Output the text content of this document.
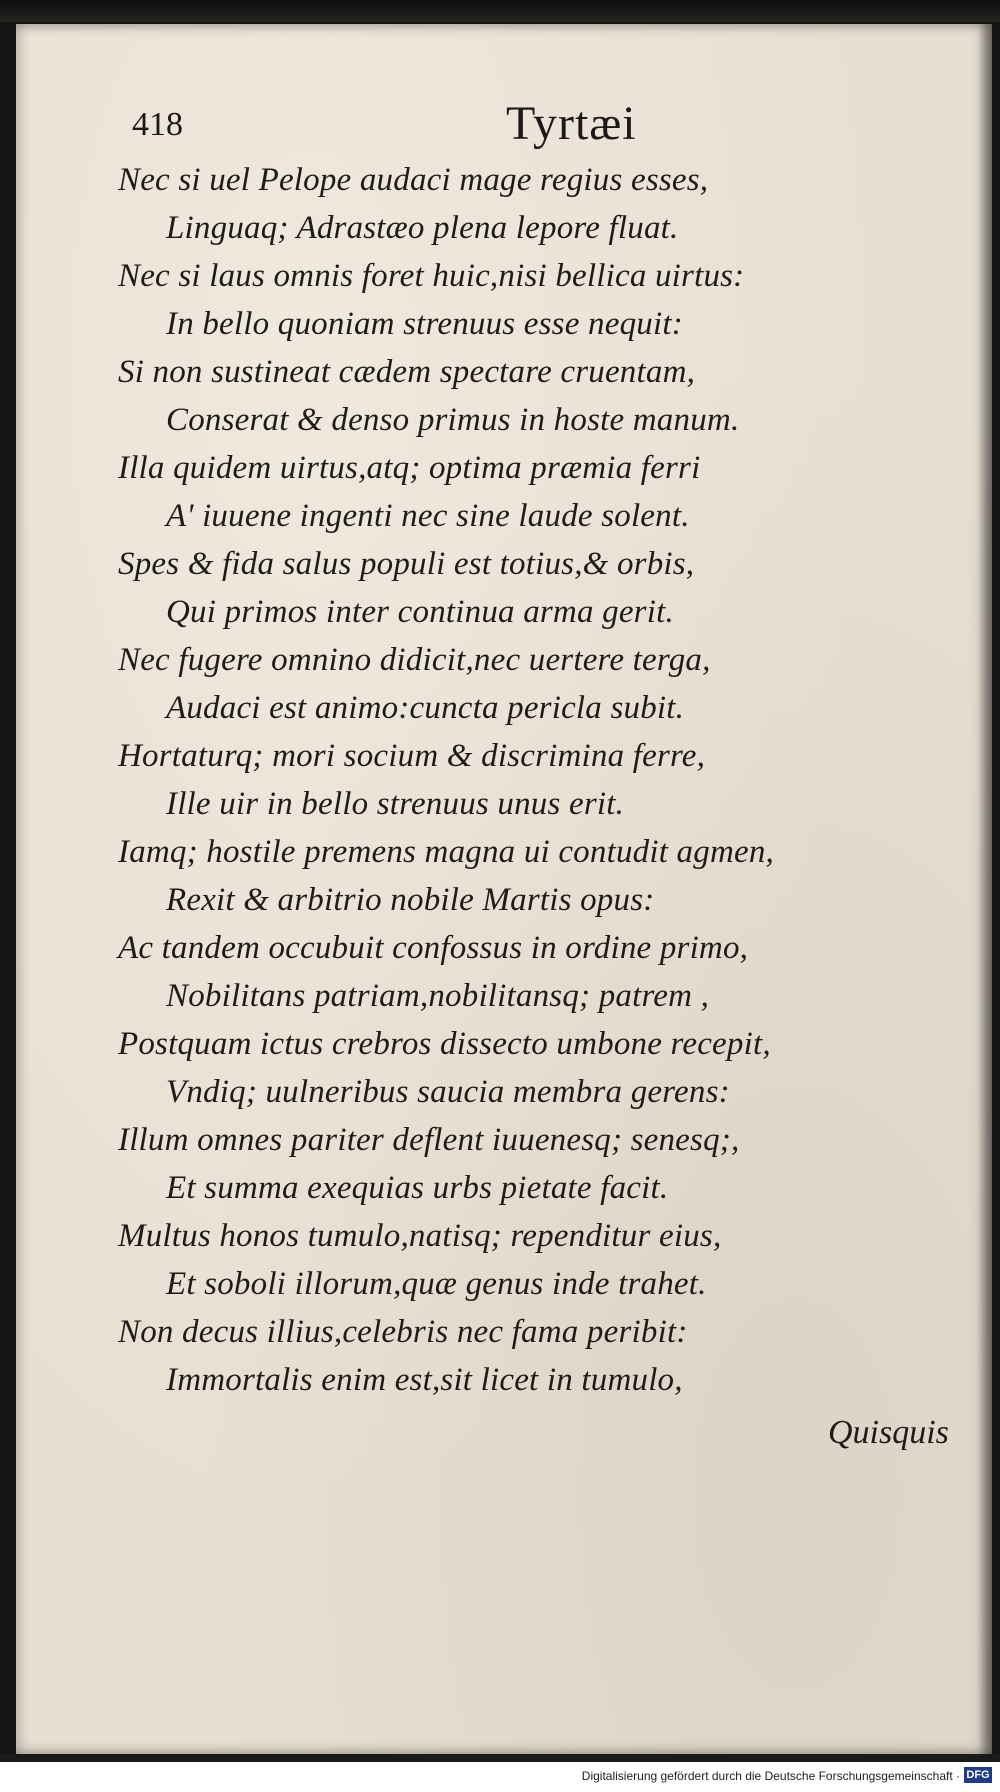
418	Tyrtæi
Nec si uel Pelope audaci mage regius esses,
Linguaq; Adrastæo plena lepore fluat.
Nec si laus omnis foret huic,nisi bellica uirtus:
In bello quoniam strenuus esse nequit:
Si non sustineat cædem spectare cruentam,
Conserat & denso primus in hoste manum.
Illa quidem uirtus,atq; optima præmia ferri
A' iuuene ingenti nec sine laude solent.
Spes & fida salus populi est totius,& orbis,
Qui primos inter continua arma gerit.
Nec fugere omnino didicit,nec uertere terga,
Audaci est animo:cuncta pericla subit.
Hortaturq; mori socium & discrimina ferre,
Ille uir in bello strenuus unus erit.
Iamq; hostile premens magna ui contudit agmen,
Rexit & arbitrio nobile Martis opus:
Ac tandem occubuit confossus in ordine primo,
Nobilitans patriam,nobilitansq; patrem ,
Postquam ictus crebros dissecto umbone recepit,
Vndiq; uulneribus saucia membra gerens:
Illum omnes pariter deflent iuuenesq; senesq;,
Et summa exequias urbs pietate facit.
Multus honos tumulo,natisq; rependitur eius,
Et soboli illorum,quæ genus inde trahet.
Non decus illius,celebris nec fama peribit:
Immortalis enim est,sit licet in tumulo,
Quisquis
Digitalisierung gefördert durch die Deutsche Forschungsgemeinschaft · DFG
